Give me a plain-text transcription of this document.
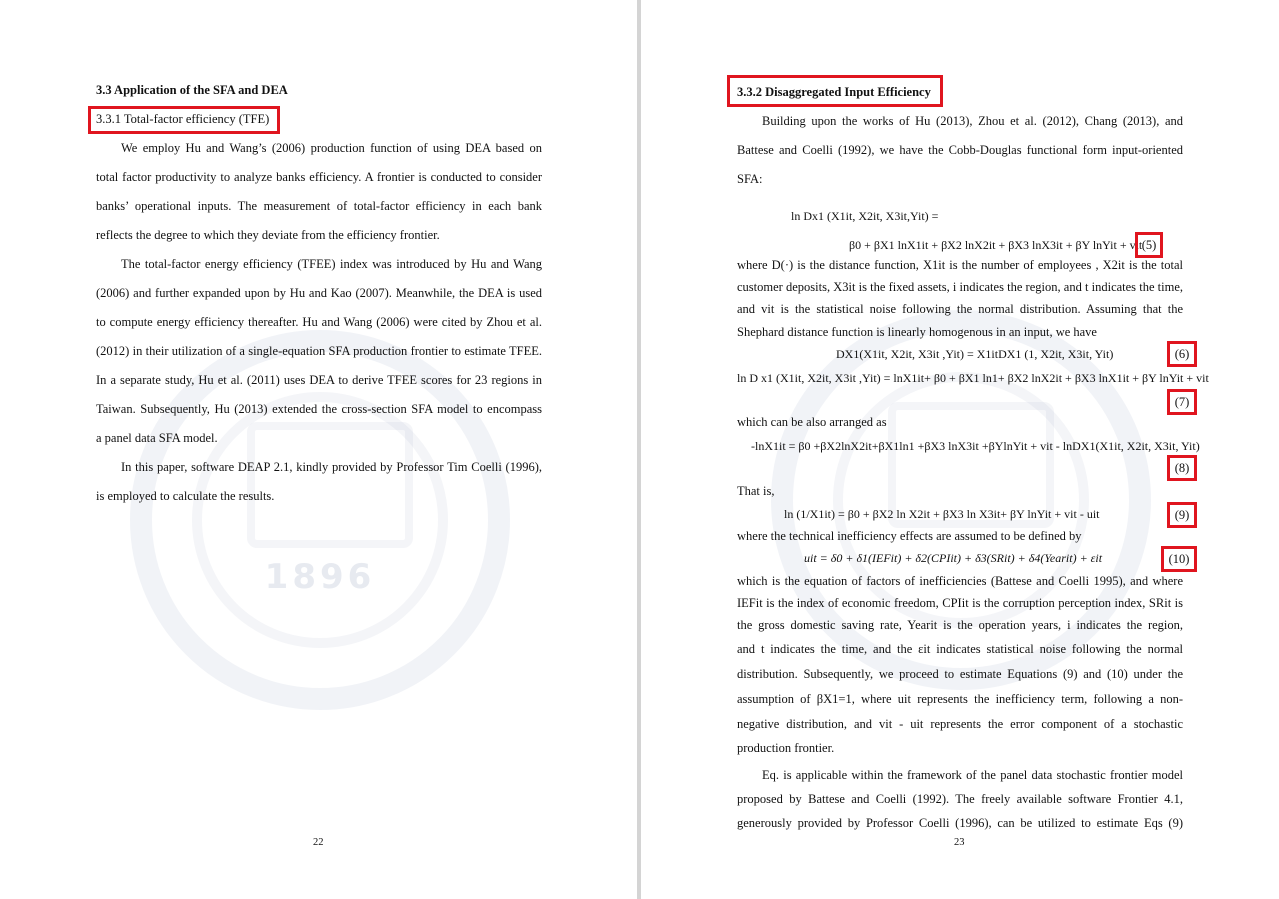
1896
3.3 Application of the SFA and DEA
3.3.1 Total-factor efficiency (TFE)
We employ Hu and Wang’s (2006) production function of using DEA based on
total factor productivity to analyze banks efficiency. A frontier is conducted to consider
banks’ operational inputs. The measurement of total-factor efficiency in each bank
reflects the degree to which they deviate from the efficiency frontier.
The total-factor energy efficiency (TFEE) index was introduced by Hu and Wang
(2006) and further expanded upon by Hu and Kao (2007). Meanwhile, the DEA is used
to compute energy efficiency thereafter. Hu and Wang (2006) were cited by Zhou et al.
(2012) in their utilization of a single-equation SFA production frontier to estimate TFEE.
In a separate study, Hu et al. (2011) uses DEA to derive TFEE scores for 23 regions in
Taiwan. Subsequently, Hu (2013) extended the cross-section SFA model to encompass
a panel data SFA model.
In this paper, software DEAP 2.1, kindly provided by Professor Tim Coelli (1996),
is employed to calculate the results.
22
3.3.2 Disaggregated Input Efficiency
Building upon the works of Hu (2013), Zhou et al. (2012), Chang (2013), and
Battese and Coelli (1992), we have the Cobb-Douglas functional form input-oriented
SFA:
ln Dx1 (X1it, X2it, X3it,Yit) =
β0 + βX1 lnX1it + βX2 lnX2it + βX3 lnX3it + βY lnYit + vit (5)
where D(·) is the distance function, X1it is the number of employees , X2it is the total
customer deposits, X3it is the fixed assets, i indicates the region, and t indicates the time,
and vit is the statistical noise following the normal distribution. Assuming that the
Shephard distance function is linearly homogenous in an input, we have
DX1(X1it, X2it, X3it ,Yit) = X1itDX1 (1, X2it, X3it, Yit)	(6)
ln D x1 (X1it, X2it, X3it ,Yit) = lnX1it+ β0 + βX1 ln1+ βX2 lnX2it + βX3 lnX1it + βY lnYit + vit
(7)
which can be also arranged as
-lnX1it = β0 +βX2lnX2it+βX1ln1 +βX3 lnX3it +βYlnYit + vit - lnDX1(X1it, X2it, X3it, Yit)
(8)
That is,
ln (1/X1it) = β0 + βX2 ln X2it + βX3 ln X3it+ βY lnYit + vit - uit	(9)
where the technical inefficiency effects are assumed to be defined by
uit = δ0 + δ1(IEFit) + δ2(CPIit) + δ3(SRit) + δ4(Yearit) + εit	(10)
which is the equation of factors of inefficiencies (Battese and Coelli 1995), and where
IEFit is the index of economic freedom, CPIit is the corruption perception index, SRit is
the gross domestic saving rate, Yearit is the operation years, i indicates the region,
and t indicates the time, and the εit indicates statistical noise following the normal
distribution. Subsequently, we proceed to estimate Equations (9) and (10) under the
assumption of βX1=1, where uit represents the inefficiency term, following a non-
negative distribution, and vit - uit represents the error component of a stochastic
production frontier.
Eq. is applicable within the framework of the panel data stochastic frontier model
proposed by Battese and Coelli (1992). The freely available software Frontier 4.1,
generously provided by Professor Coelli (1996), can be utilized to estimate Eqs (9)
23
